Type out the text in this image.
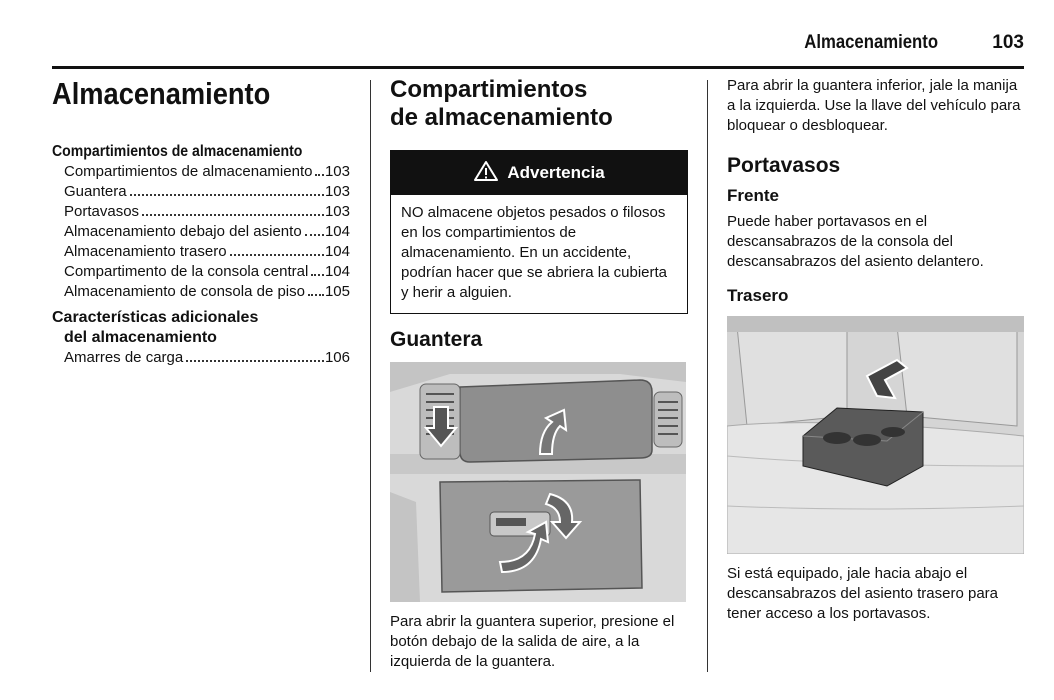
Almacenamiento	103
Almacenamiento
Compartimientos de almacenamiento
Compartimientos de almacenamiento 103
Guantera	103
Portavasos	103
Almacenamiento debajo del asiento 104
Almacenamiento trasero	104
Compartimento de la consola central 104
Almacenamiento de consola de piso 105
Características adicionales
del almacenamiento
Amarres de carga	106
Compartimientos
de almacenamiento
Advertencia
NO almacene objetos pesados o filosos en los compartimientos de almacenamiento. En un accidente, podrían hacer que se abriera la cubierta y herir a alguien.
Guantera
Para abrir la guantera superior, presione el botón debajo de la salida de aire, a la izquierda de la guantera.
Para abrir la guantera inferior, jale la manija a la izquierda. Use la llave del vehículo para bloquear o desbloquear.
Portavasos
Frente
Puede haber portavasos en el descansabrazos de la consola del descansabrazos del asiento delantero.
Trasero
Si está equipado, jale hacia abajo el descansabrazos del asiento trasero para tener acceso a los portavasos.
